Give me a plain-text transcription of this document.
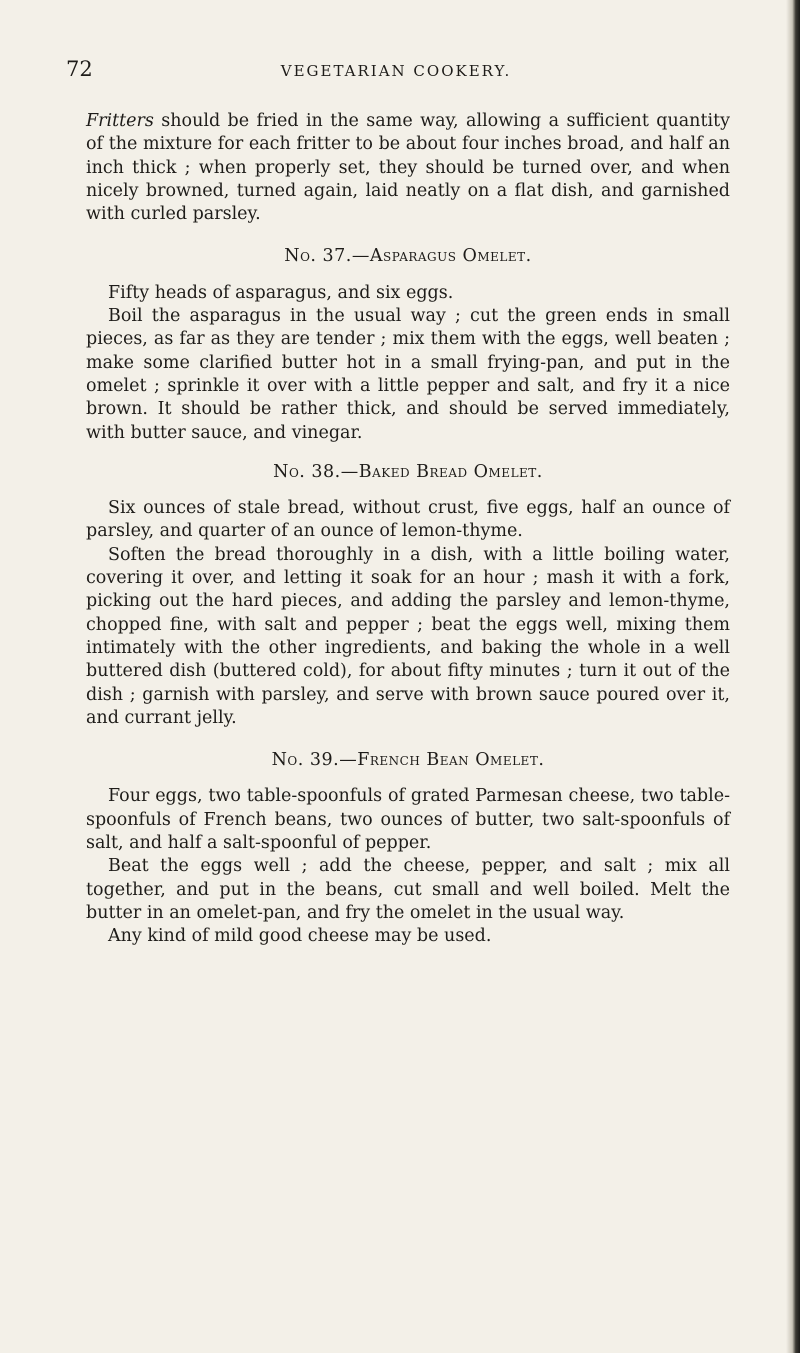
72	VEGETARIAN COOKERY.

Fritters should be fried in the same way, allowing a sufficient quantity of the mixture for each fritter to be about four inches broad, and half an inch thick ; when properly set, they should be turned over, and when nicely browned, turned again, laid neatly on a flat dish, and garnished with curled parsley.

No. 37.—Asparagus Omelet.

Fifty heads of asparagus, and six eggs.

Boil the asparagus in the usual way ; cut the green ends in small pieces, as far as they are tender ; mix them with the eggs, well beaten ; make some clarified butter hot in a small frying-pan, and put in the omelet ; sprinkle it over with a little pepper and salt, and fry it a nice brown. It should be rather thick, and should be served immediately, with butter sauce, and vinegar.

No. 38.—Baked Bread Omelet.

Six ounces of stale bread, without crust, five eggs, half an ounce of parsley, and quarter of an ounce of lemon-thyme.

Soften the bread thoroughly in a dish, with a little boiling water, covering it over, and letting it soak for an hour ; mash it with a fork, picking out the hard pieces, and adding the parsley and lemon-thyme, chopped fine, with salt and pepper ; beat the eggs well, mixing them intimately with the other ingredients, and baking the whole in a well buttered dish (buttered cold), for about fifty minutes ; turn it out of the dish ; garnish with parsley, and serve with brown sauce poured over it, and currant jelly.

No. 39.—French Bean Omelet.

Four eggs, two table-spoonfuls of grated Parmesan cheese, two table-spoonfuls of French beans, two ounces of butter, two salt-spoonfuls of salt, and half a salt-spoonful of pepper.

Beat the eggs well ; add the cheese, pepper, and salt ; mix all together, and put in the beans, cut small and well boiled. Melt the butter in an omelet-pan, and fry the omelet in the usual way.

Any kind of mild good cheese may be used.
